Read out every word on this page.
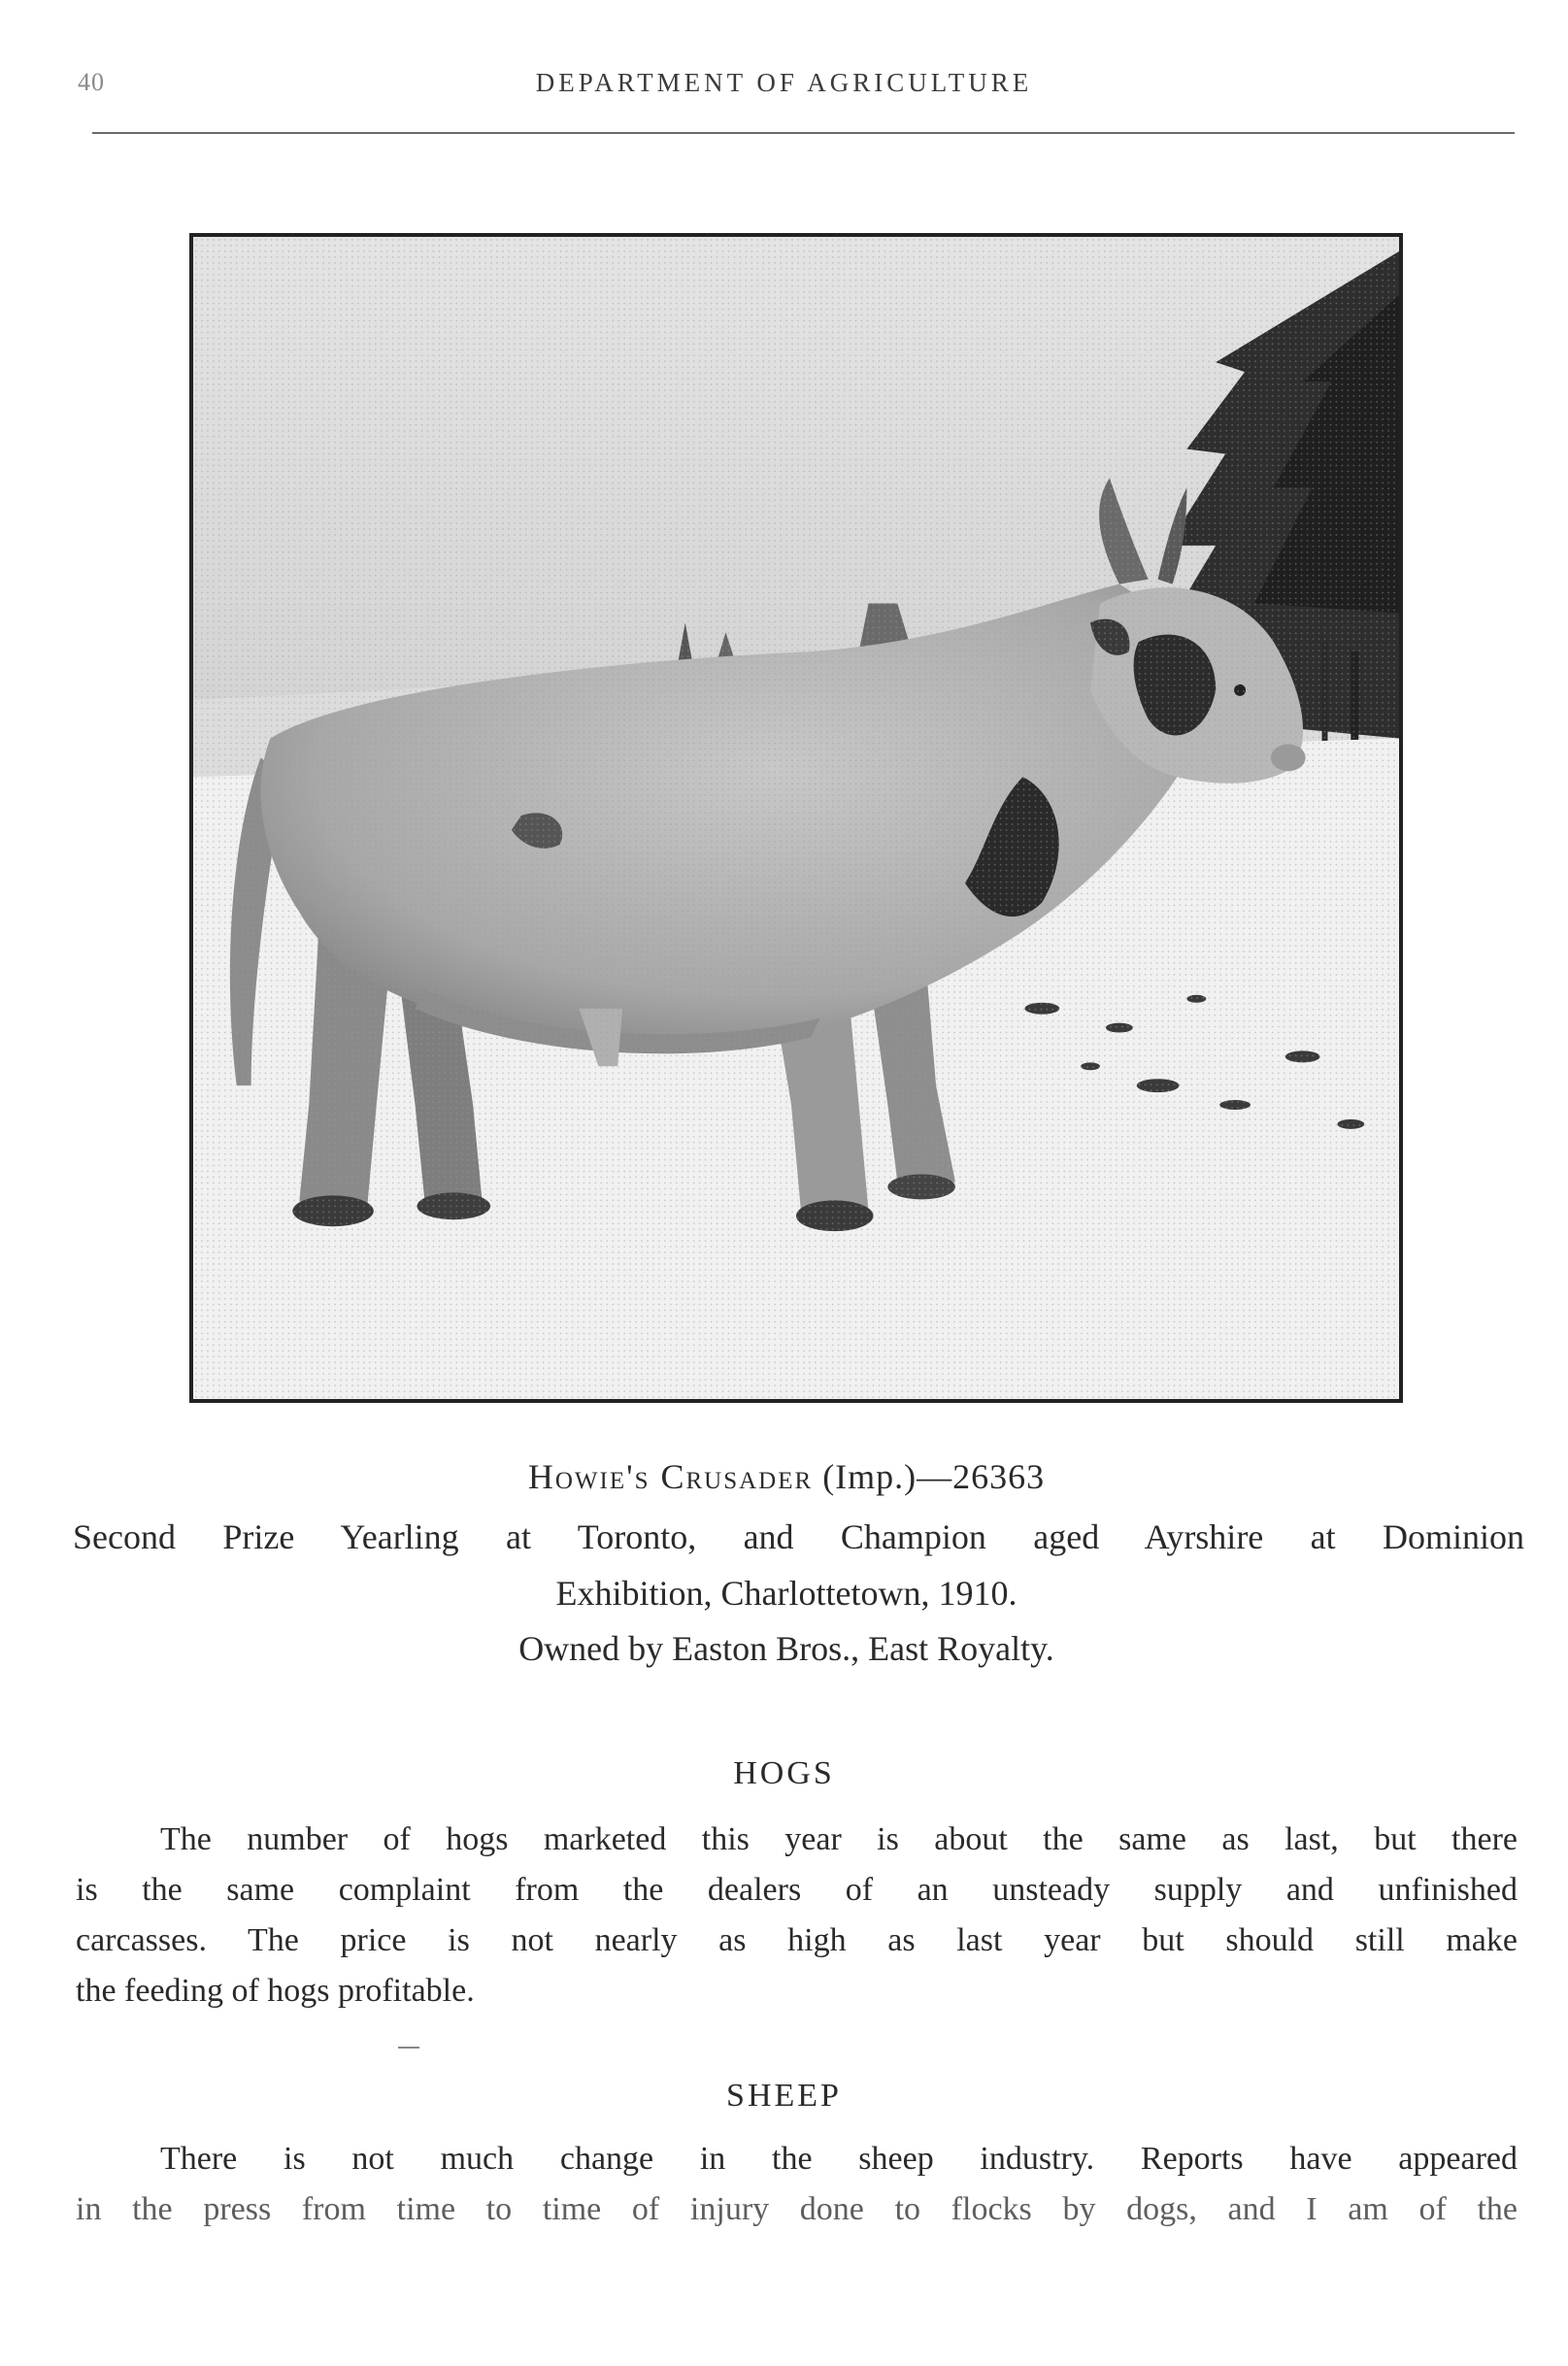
40	DEPARTMENT OF AGRICULTURE
Howie's Crusader (Imp.)—26363
Second Prize Yearling at Toronto, and Champion aged Ayrshire at Dominion
Exhibition, Charlottetown, 1910.
Owned by Easton Bros., East Royalty.
HOGS
The number of hogs marketed this year is about the same as last, but there
is the same complaint from the dealers of an unsteady supply and unfinished
carcasses. The price is not nearly as high as last year but should still make
the feeding of hogs profitable.
SHEEP
There is not much change in the sheep industry. Reports have appeared
in the press from time to time of injury done to flocks by dogs, and I am of the
